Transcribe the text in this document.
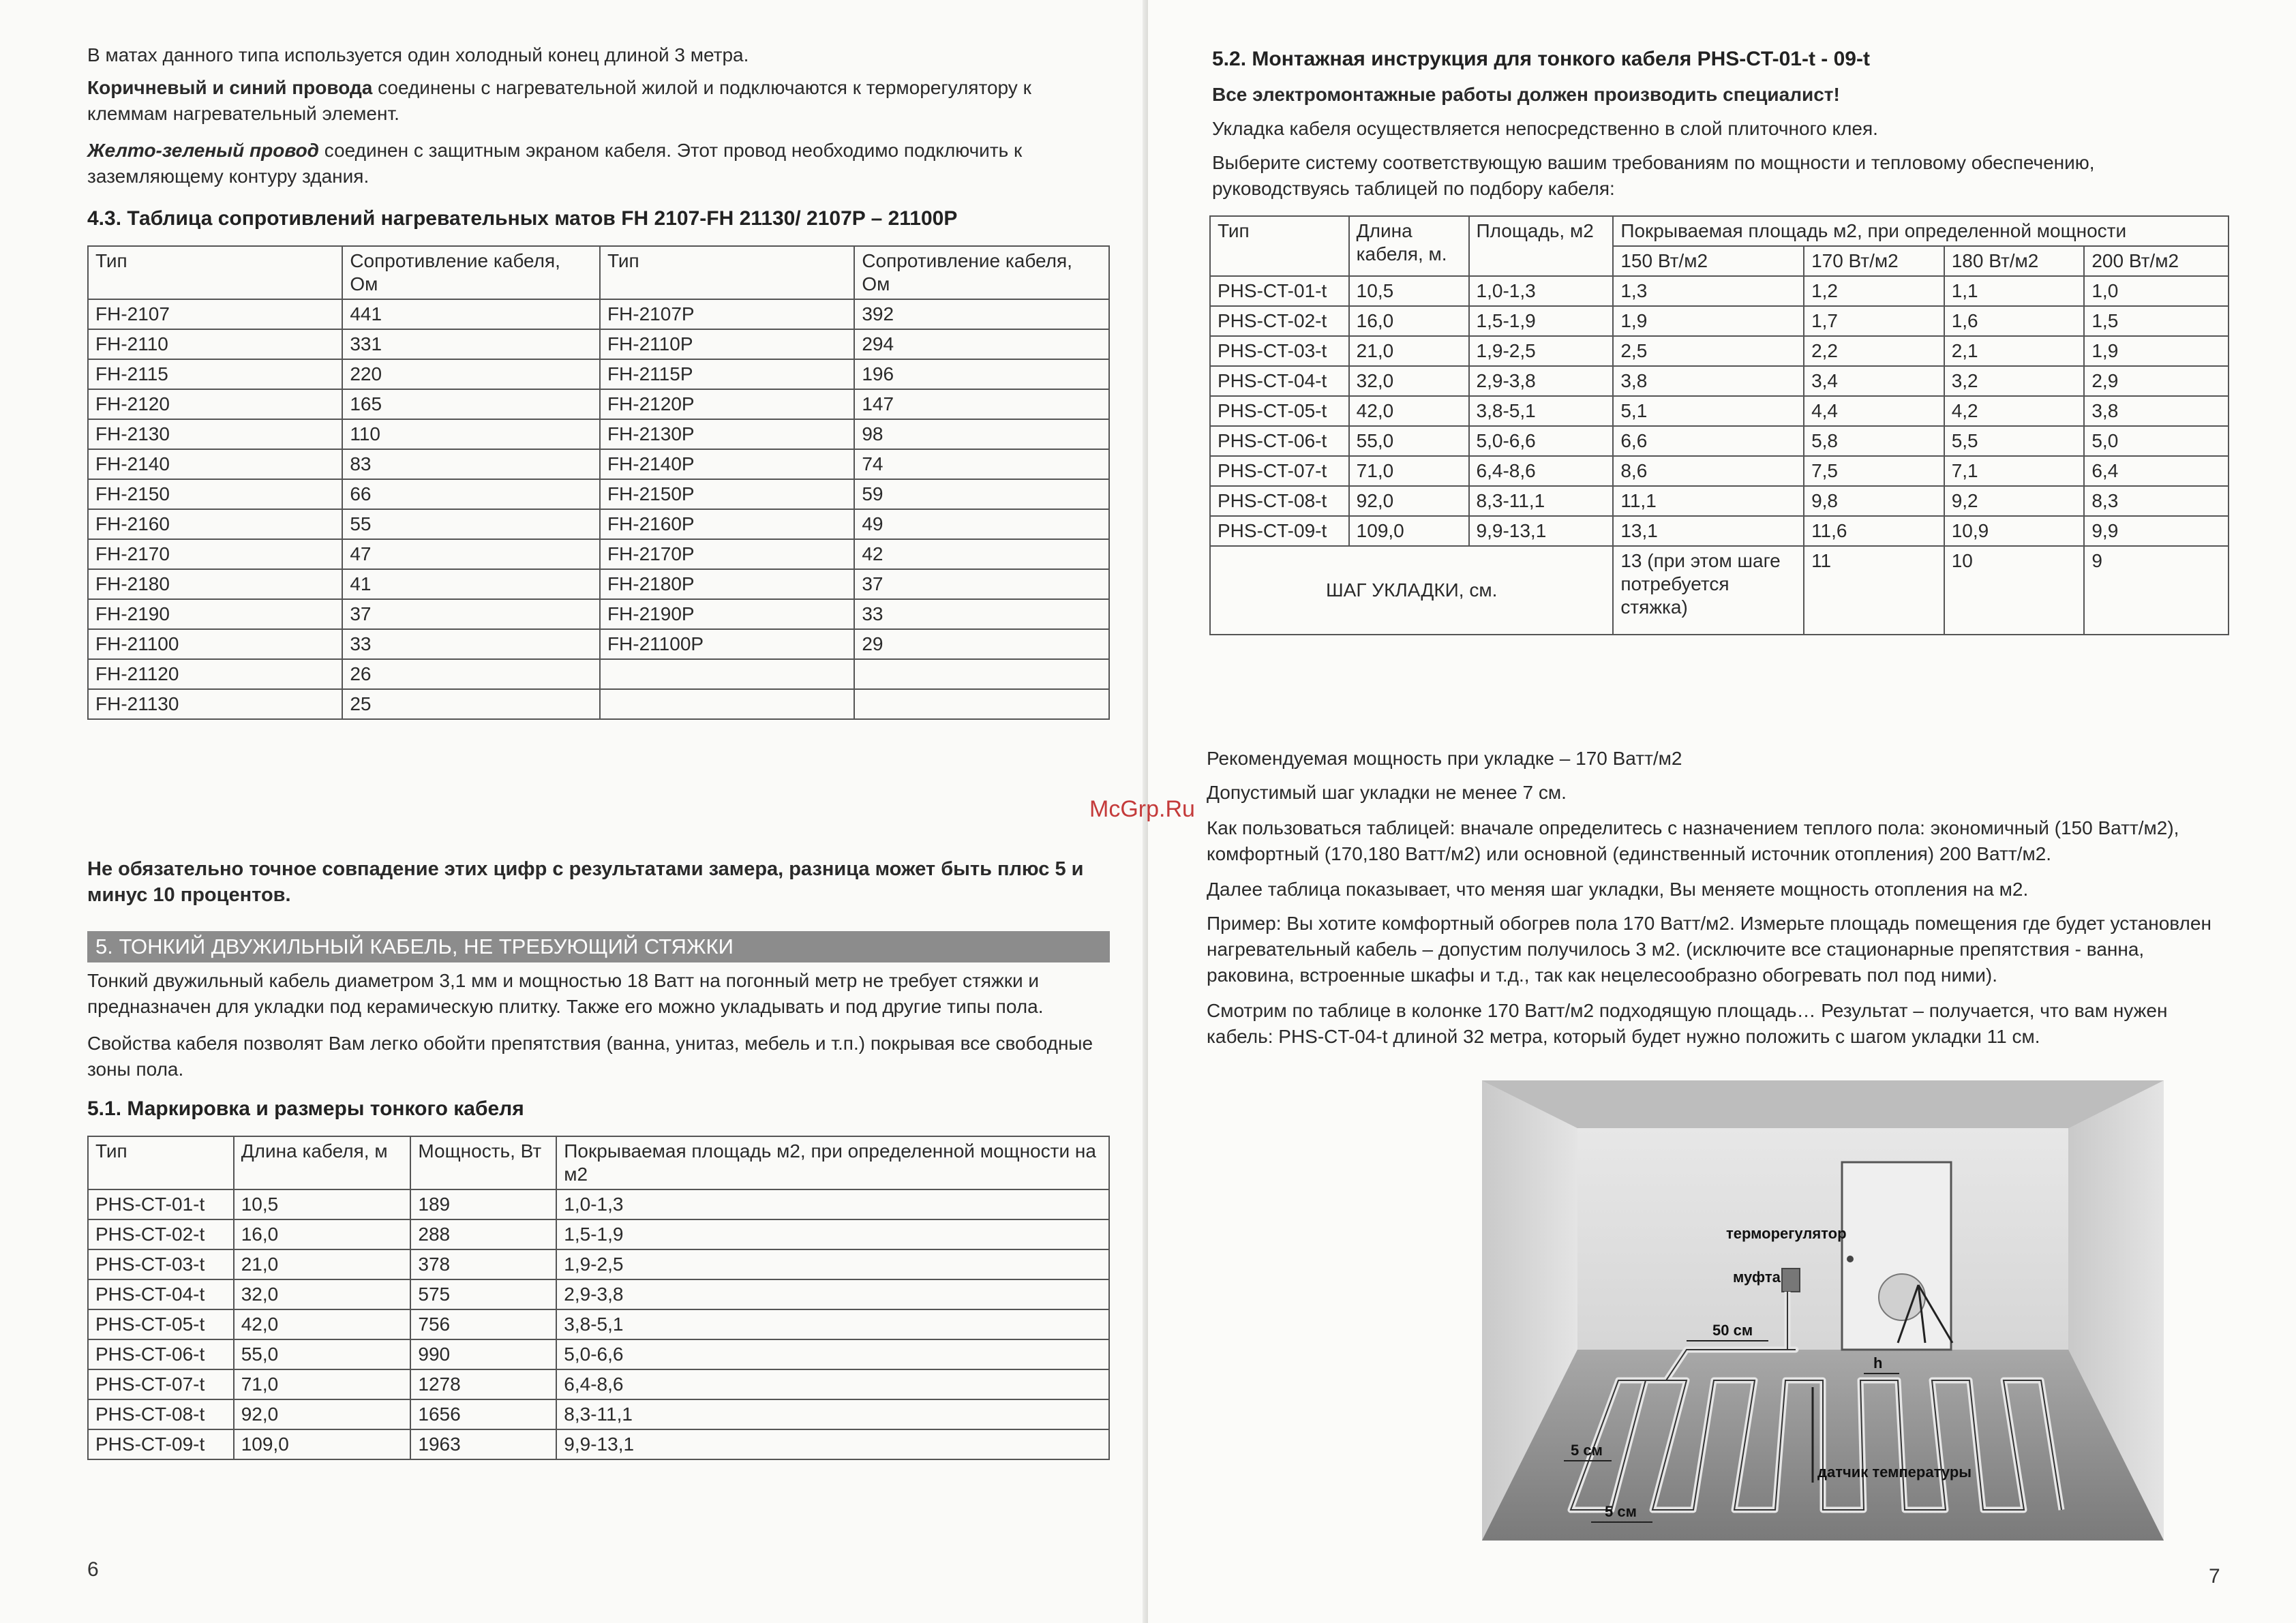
В матах данного типа используется один холодный конец длиной 3 метра.

Коричневый и синий провода соединены с нагревательной жилой и подключаются к терморегулятору к клеммам нагревательный элемент.

Желто-зеленый провод соединен с защитным экраном кабеля. Этот провод необходимо подключить к заземляющему контуру здания.

4.3. Таблица сопротивлений нагревательных матов FH 2107-FH 21130/ 2107P – 21100P
Тип	Сопротивление кабеля, Ом	Тип	Сопротивление кабеля, Ом
FH-2107	441	FH-2107P	392
FH-2110	331	FH-2110P	294
FH-2115	220	FH-2115P	196
FH-2120	165	FH-2120P	147
FH-2130	110	FH-2130P	98
FH-2140	83	FH-2140P	74
FH-2150	66	FH-2150P	59
FH-2160	55	FH-2160P	49
FH-2170	47	FH-2170P	42
FH-2180	41	FH-2180P	37
FH-2190	37	FH-2190P	33
FH-21100	33	FH-21100P	29
FH-21120	26		
FH-21130	25		

Не обязательно точное совпадение этих цифр с результатами замера, разница может быть плюс 5 и минус 10 процентов.

5. ТОНКИЙ ДВУЖИЛЬНЫЙ КАБЕЛЬ, НЕ ТРЕБУЮЩИЙ СТЯЖКИ

Тонкий двужильный кабель диаметром 3,1 мм и мощностью 18 Ватт на погонный метр не требует стяжки и предназначен для укладки под керамическую плитку. Также его можно укладывать и под другие типы пола.

Свойства кабеля позволят Вам легко обойти препятствия (ванна, унитаз, мебель и т.п.) покрывая все свободные зоны пола.

5.1. Маркировка и размеры тонкого кабеля
Тип	Длина кабеля, м	Мощность, Вт	Покрываемая площадь м2, при определенной мощности на м2
PHS-CT-01-t	10,5	189	1,0-1,3
PHS-CT-02-t	16,0	288	1,5-1,9
PHS-CT-03-t	21,0	378	1,9-2,5
PHS-CT-04-t	32,0	575	2,9-3,8
PHS-CT-05-t	42,0	756	3,8-5,1
PHS-CT-06-t	55,0	990	5,0-6,6
PHS-CT-07-t	71,0	1278	6,4-8,6
PHS-CT-08-t	92,0	1656	8,3-11,1
PHS-CT-09-t	109,0	1963	9,9-13,1
6
5.2. Монтажная инструкция для тонкого кабеля PHS-CT-01-t - 09-t

Все электромонтажные работы должен производить специалист!

Укладка кабеля осуществляется непосредственно в слой плиточного клея.

Выберите систему соответствующую вашим требованиям по мощности и тепловому обеспечению, руководствуясь таблицей по подбору кабеля:

Тип	Длина кабеля, м.	Площадь, м2	Покрываемая площадь м2, при определенной мощности			
			150 Вт/м2	170 Вт/м2	180 Вт/м2	200 Вт/м2
PHS-CT-01-t	10,5	1,0-1,3	1,3	1,2	1,1	1,0
PHS-CT-02-t	16,0	1,5-1,9	1,9	1,7	1,6	1,5
PHS-CT-03-t	21,0	1,9-2,5	2,5	2,2	2,1	1,9
PHS-CT-04-t	32,0	2,9-3,8	3,8	3,4	3,2	2,9
PHS-CT-05-t	42,0	3,8-5,1	5,1	4,4	4,2	3,8
PHS-CT-06-t	55,0	5,0-6,6	6,6	5,8	5,5	5,0
PHS-CT-07-t	71,0	6,4-8,6	8,6	7,5	7,1	6,4
PHS-CT-08-t	92,0	8,3-11,1	11,1	9,8	9,2	8,3
PHS-CT-09-t	109,0	9,9-13,1	13,1	11,6	10,9	9,9
ШАГ УКЛАДКИ, см.			13 (при этом шаге потребуется стяжка)	11	10	9

Рекомендуемая мощность при укладке – 170 Ватт/м2

Допустимый шаг укладки не менее 7 см.

Как пользоваться таблицей: вначале определитесь с назначением теплого пола: экономичный (150 Ватт/м2), комфортный (170,180 Ватт/м2) или основной (единственный источник отопления) 200 Ватт/м2.

Далее таблица показывает, что меняя шаг укладки, Вы меняете мощность отопления на м2.

Пример: Вы хотите комфортный обогрев пола 170 Ватт/м2. Измерьте площадь помещения где будет установлен нагревательный кабель – допустим получилось 3 м2. (исключите все стационарные препятствия - ванна, раковина, встроенные шкафы и т.д., так как нецелесообразно обогревать пол под ними).

Смотрим по таблице в колонке 170 Ватт/м2 подходящую площадь… Результат – получается, что вам нужен кабель: PHS-CT-04-t длиной 32 метра, который будет нужно положить с шагом укладки 11 см.

терморегулятор
муфта
50 см
h
5 см
датчик температуры
5 см
7
McGrp.Ru
